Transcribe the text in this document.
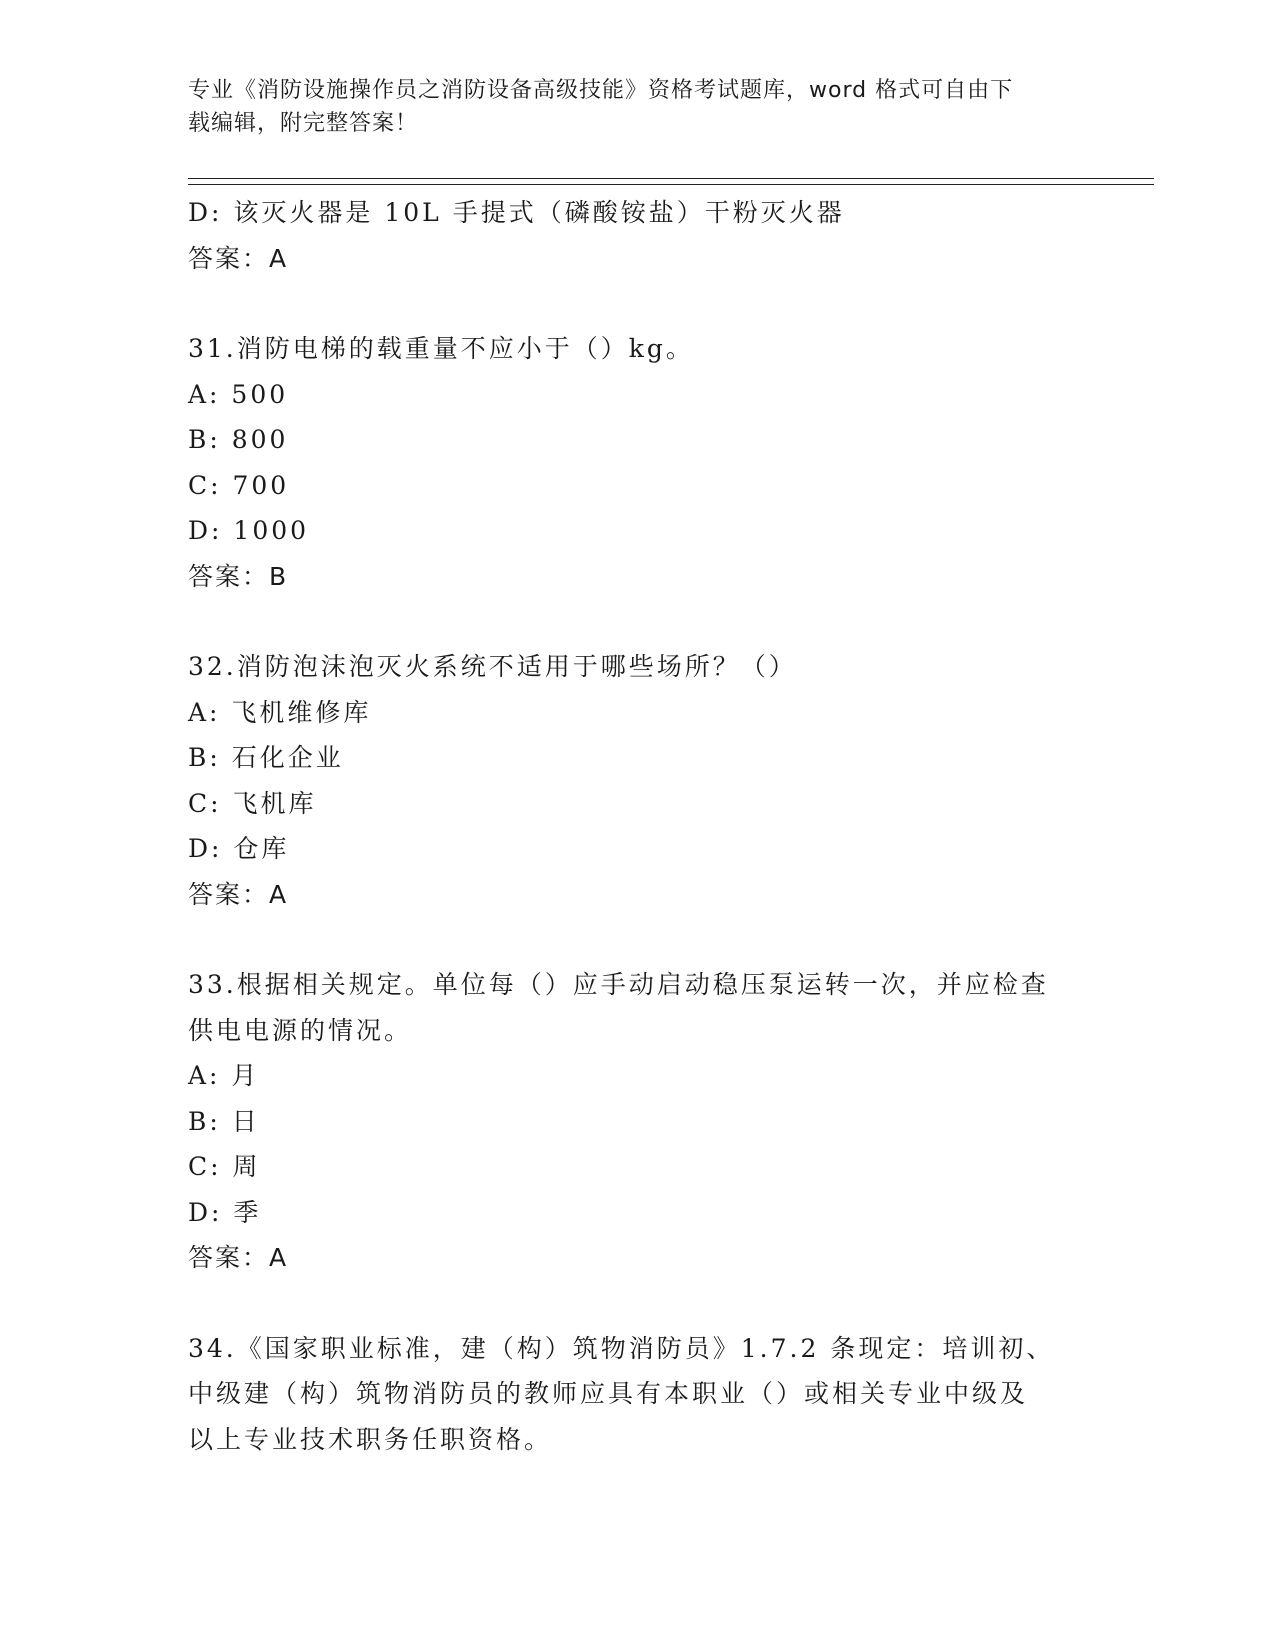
专业《消防设施操作员之消防设备高级技能》资格考试题库，word 格式可自由下
载编辑，附完整答案！
D: 该灭火器是 10L 手提式（磷酸铵盐）干粉灭火器
答案：A
31.消防电梯的载重量不应小于（）kg。
A: 500
B: 800
C: 700
D: 1000
答案：B
32.消防泡沫泡灭火系统不适用于哪些场所？（）
A: 飞机维修库
B: 石化企业
C: 飞机库
D: 仓库
答案：A
33.根据相关规定。单位每（）应手动启动稳压泵运转一次，并应检查
供电电源的情况。
A: 月
B: 日
C: 周
D: 季
答案：A
34.《国家职业标准，建（构）筑物消防员》1.7.2 条现定：培训初、
中级建（构）筑物消防员的教师应具有本职业（）或相关专业中级及
以上专业技术职务任职资格。
